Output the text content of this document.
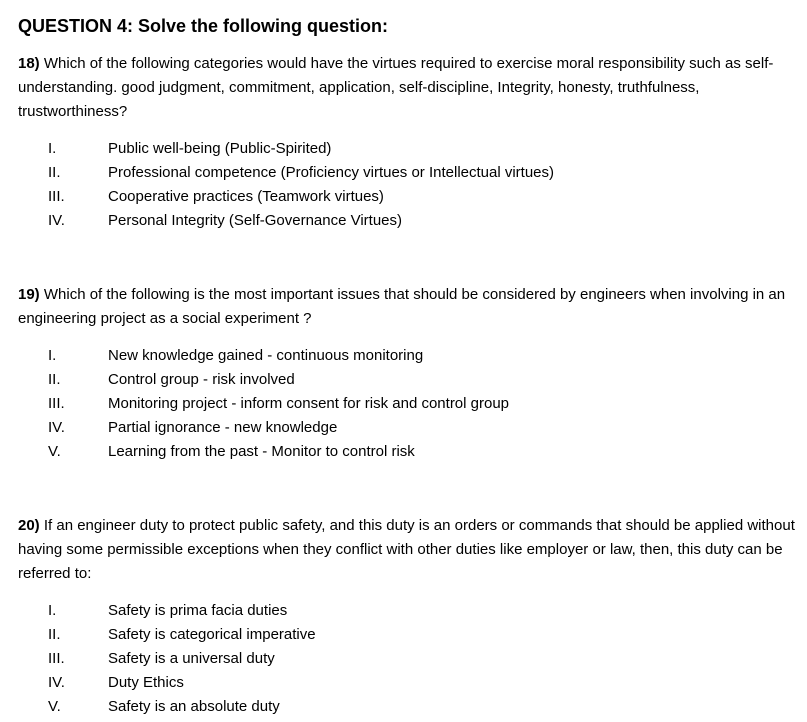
QUESTION 4: Solve the following question:
18) Which of the following categories would have the virtues required to exercise moral responsibility such as self-understanding. good judgment, commitment, application, self-discipline, Integrity, honesty, truthfulness, trustworthiness?
I.	Public well-being (Public-Spirited)
II.	Professional competence (Proficiency virtues or Intellectual virtues)
III.	Cooperative practices (Teamwork virtues)
IV.	Personal Integrity (Self-Governance Virtues)
19) Which of the following is the most important issues that should be considered by engineers when involving in an engineering project as a social experiment ?
I.	New knowledge gained - continuous monitoring
II.	Control group - risk involved
III.	Monitoring project - inform consent for risk and control group
IV.	Partial ignorance - new knowledge
V.	Learning from the past - Monitor to control risk
20) If an engineer duty to protect public safety, and this duty is an orders or commands that should be applied without having some permissible exceptions when they conflict with other duties like employer or law, then, this duty can be referred to:
I.	Safety is prima facia duties
II.	Safety is categorical imperative
III.	Safety is a universal duty
IV.	Duty Ethics
V.	Safety is an absolute duty
